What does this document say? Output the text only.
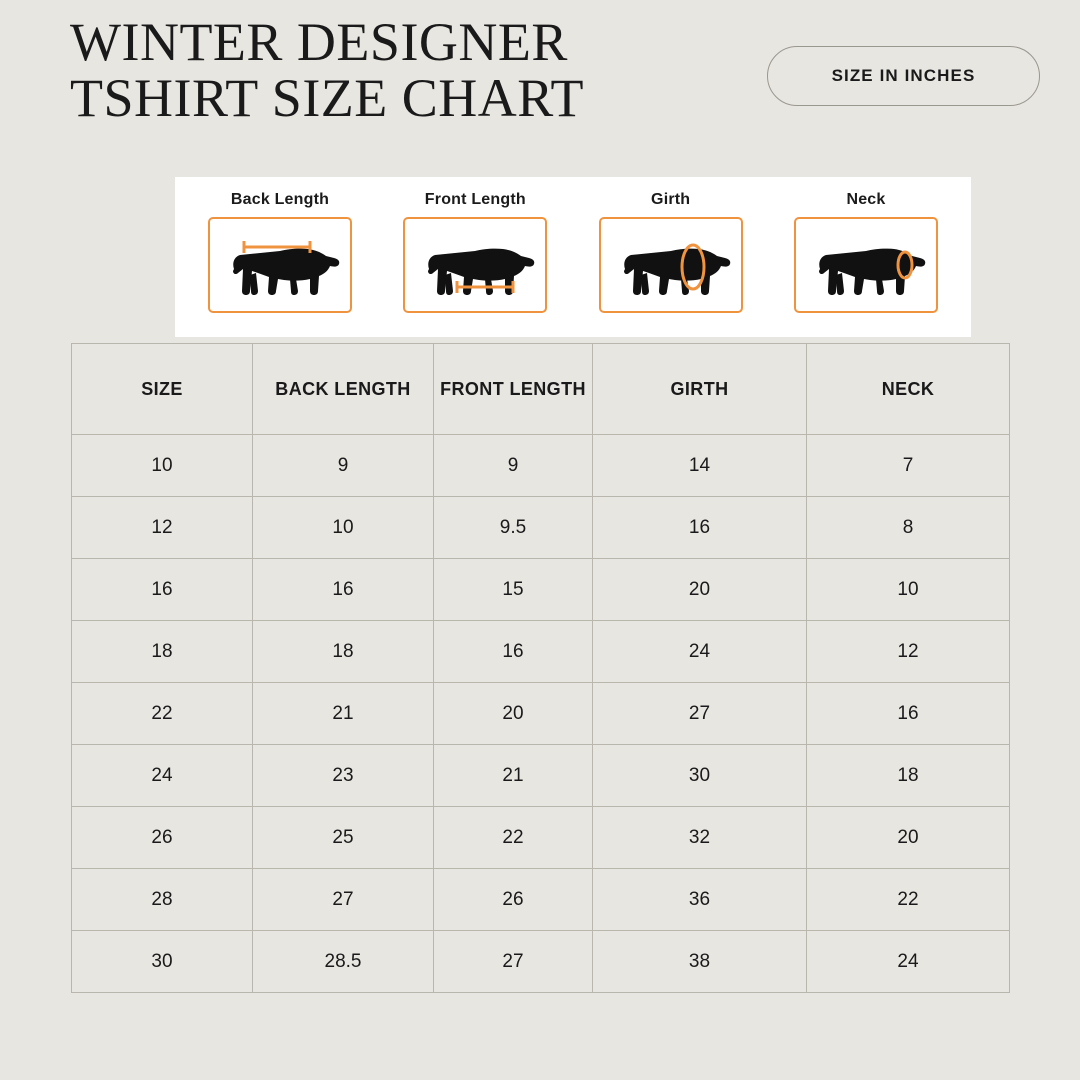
WINTER DESIGNER TSHIRT SIZE CHART	SIZE IN INCHES
Back Length	Front Length	Girth	Neck
SIZE	BACK LENGTH	FRONT LENGTH	GIRTH	NECK
10	9	9	14	7
12	10	9.5	16	8
16	16	15	20	10
18	18	16	24	12
22	21	20	27	16
24	23	21	30	18
26	25	22	32	20
28	27	26	36	22
30	28.5	27	38	24
